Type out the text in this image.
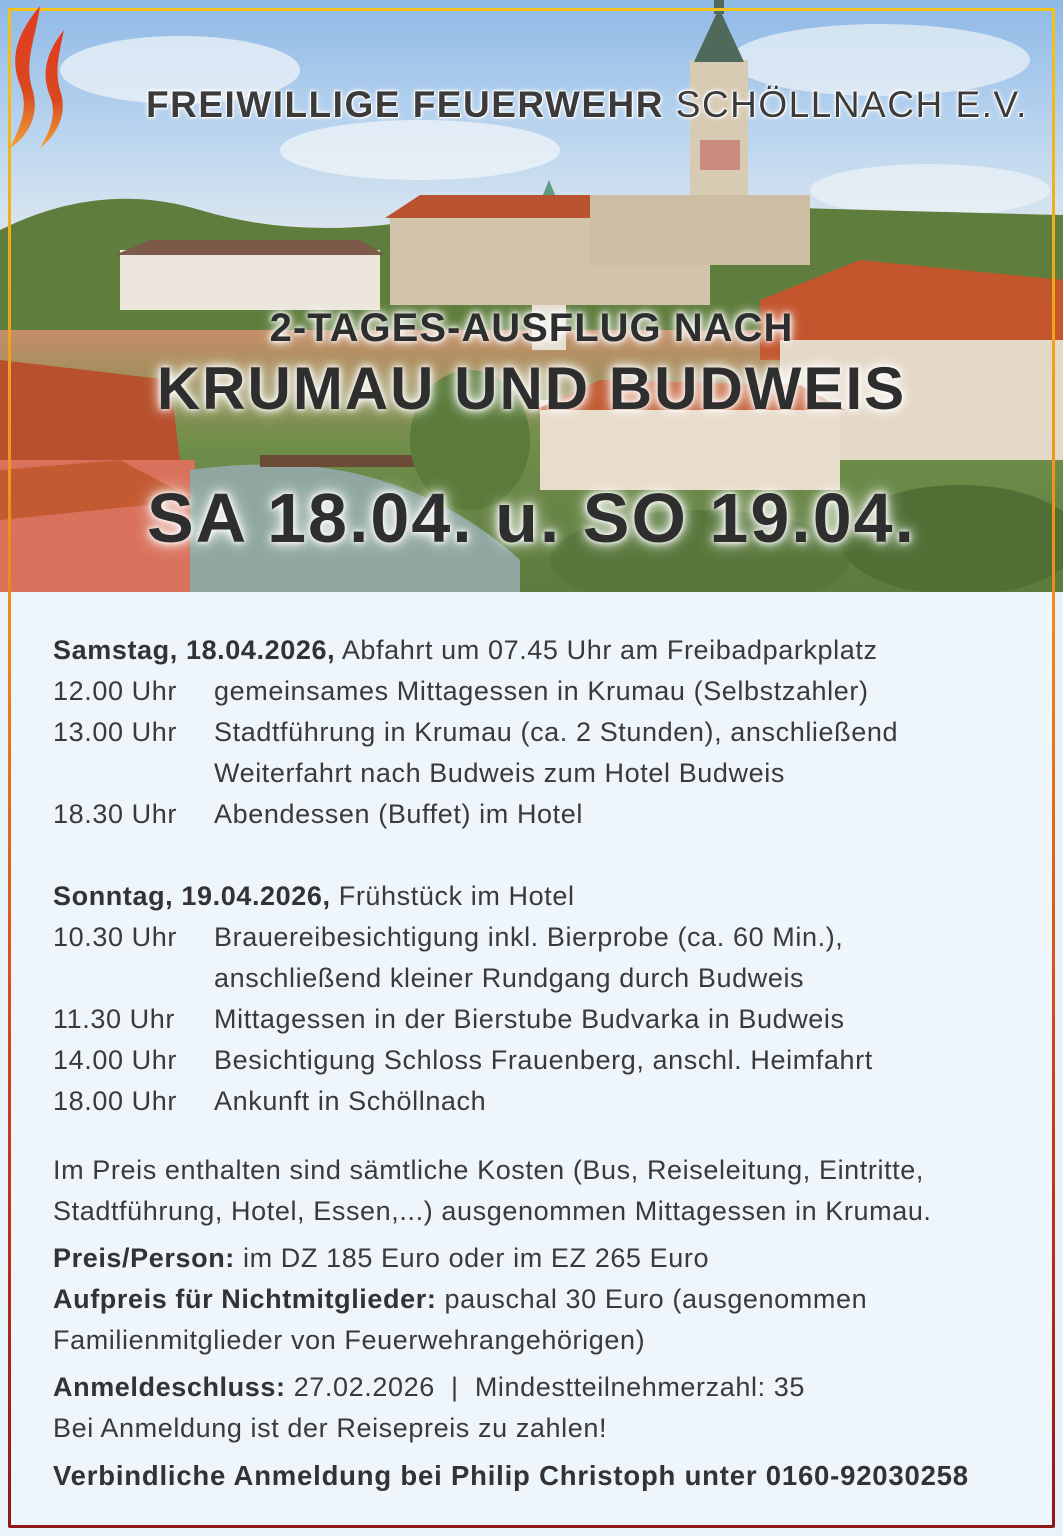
FREIWILLIGE FEUERWEHR SCHÖLLNACH E.V.
2-TAGES-AUSFLUG NACH
KRUMAU UND BUDWEIS
SA 18.04. u. SO 19.04.
Samstag, 18.04.2026, Abfahrt um 07.45 Uhr am Freibadparkplatz
12.00 Uhr	gemeinsames Mittagessen in Krumau (Selbstzahler)
13.00 Uhr	Stadtführung in Krumau (ca. 2 Stunden), anschließend
Weiterfahrt nach Budweis zum Hotel Budweis
18.30 Uhr	Abendessen (Buffet) im Hotel
Sonntag, 19.04.2026, Frühstück im Hotel
10.30 Uhr	Brauereibesichtigung inkl. Bierprobe (ca. 60 Min.),
anschließend kleiner Rundgang durch Budweis
11.30 Uhr	Mittagessen in der Bierstube Budvarka in Budweis
14.00 Uhr	Besichtigung Schloss Frauenberg, anschl. Heimfahrt
18.00 Uhr	Ankunft in Schöllnach
Im Preis enthalten sind sämtliche Kosten (Bus, Reiseleitung, Eintritte,
Stadtführung, Hotel, Essen,...) ausgenommen Mittagessen in Krumau.
Preis/Person: im DZ 185 Euro oder im EZ 265 Euro
Aufpreis für Nichtmitglieder: pauschal 30 Euro (ausgenommen
Familienmitglieder von Feuerwehrangehörigen)
Anmeldeschluss: 27.02.2026  |  Mindestteilnehmerzahl: 35
Bei Anmeldung ist der Reisepreis zu zahlen!
Verbindliche Anmeldung bei Philip Christoph unter 0160-92030258
